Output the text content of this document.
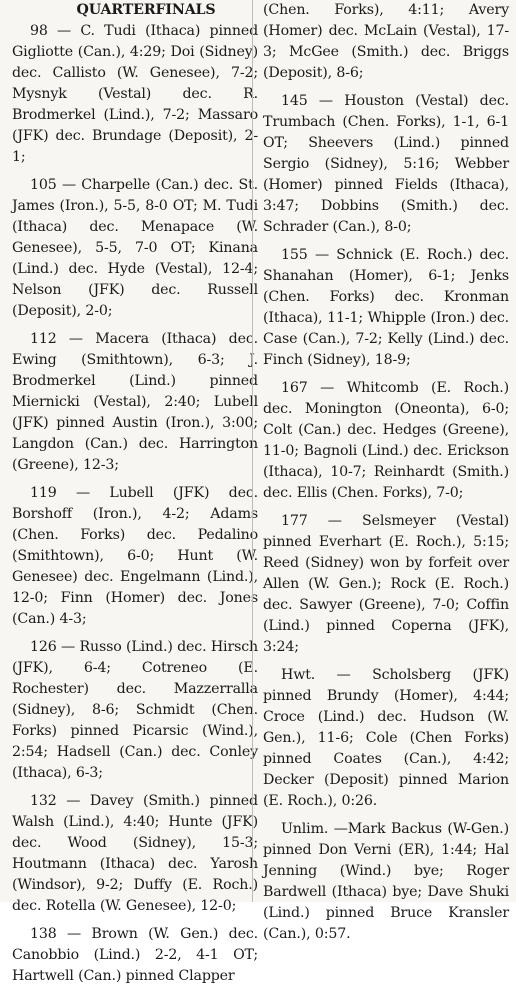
QUARTERFINALS

98 — C. Tudi (Ithaca) pinned Gigliotte (Can.), 4:29; Doi (Sidney) dec. Callisto (W. Genesee), 7-2; Mysnyk (Vestal) dec. R. Brodmerkel (Lind.), 7-2; Massaro (JFK) dec. Brundage (Deposit), 2-1;

105 — Charpelle (Can.) dec. St. James (Iron.), 5-5, 8-0 OT; M. Tudi (Ithaca) dec. Menapace (W. Genesee), 5-5, 7-0 OT; Kinana (Lind.) dec. Hyde (Vestal), 12-4; Nelson (JFK) dec. Russell (Deposit), 2-0;

112 — Macera (Ithaca) dec. Ewing (Smithtown), 6-3; J. Brodmerkel (Lind.) pinned Miernicki (Vestal), 2:40; Lubell (JFK) pinned Austin (Iron.), 3:00; Langdon (Can.) dec. Harrington (Greene), 12-3;

119 — Lubell (JFK) dec. Borshoff (Iron.), 4-2; Adams (Chen. Forks) dec. Pedalino (Smithtown), 6-0; Hunt (W. Genesee) dec. Engelmann (Lind.), 12-0; Finn (Homer) dec. Jones (Can.) 4-3;

126 — Russo (Lind.) dec. Hirsch (JFK), 6-4; Cotreneo (E. Rochester) dec. Mazzerralla (Sidney), 8-6; Schmidt (Chen. Forks) pinned Picarsic (Wind.), 2:54; Hadsell (Can.) dec. Conley (Ithaca), 6-3;

132 — Davey (Smith.) pinned Walsh (Lind.), 4:40; Hunte (JFK) dec. Wood (Sidney), 15-3; Houtmann (Ithaca) dec. Yarosh (Windsor), 9-2; Duffy (E. Roch.) dec. Rotella (W. Genesee), 12-0;

138 — Brown (W. Gen.) dec. Canobbio (Lind.) 2-2, 4-1 OT; Hartwell (Can.) pinned Clapper

(Chen. Forks), 4:11; Avery (Homer) dec. McLain (Vestal), 17-3; McGee (Smith.) dec. Briggs (Deposit), 8-6;

145 — Houston (Vestal) dec. Trumbach (Chen. Forks), 1-1, 6-1 OT; Sheevers (Lind.) pinned Sergio (Sidney), 5:16; Webber (Homer) pinned Fields (Ithaca), 3:47; Dobbins (Smith.) dec. Schrader (Can.), 8-0;

155 — Schnick (E. Roch.) dec. Shanahan (Homer), 6-1; Jenks (Chen. Forks) dec. Kronman (Ithaca), 11-1; Whipple (Iron.) dec. Case (Can.), 7-2; Kelly (Lind.) dec. Finch (Sidney), 18-9;

167 — Whitcomb (E. Roch.) dec. Monington (Oneonta), 6-0; Colt (Can.) dec. Hedges (Greene), 11-0; Bagnoli (Lind.) dec. Erickson (Ithaca), 10-7; Reinhardt (Smith.) dec. Ellis (Chen. Forks), 7-0;

177 — Selsmeyer (Vestal) pinned Everhart (E. Roch.), 5:15; Reed (Sidney) won by forfeit over Allen (W. Gen.); Rock (E. Roch.) dec. Sawyer (Greene), 7-0; Coffin (Lind.) pinned Coperna (JFK), 3:24;

Hwt. — Scholsberg (JFK) pinned Brundy (Homer), 4:44; Croce (Lind.) dec. Hudson (W. Gen.), 11-6; Cole (Chen Forks) pinned Coates (Can.), 4:42; Decker (Deposit) pinned Marion (E. Roch.), 0:26.

Unlim. —Mark Backus (W-Gen.) pinned Don Verni (ER), 1:44; Hal Jenning (Wind.) bye; Roger Bardwell (Ithaca) bye; Dave Shuki (Lind.) pinned Bruce Kransler (Can.), 0:57.
